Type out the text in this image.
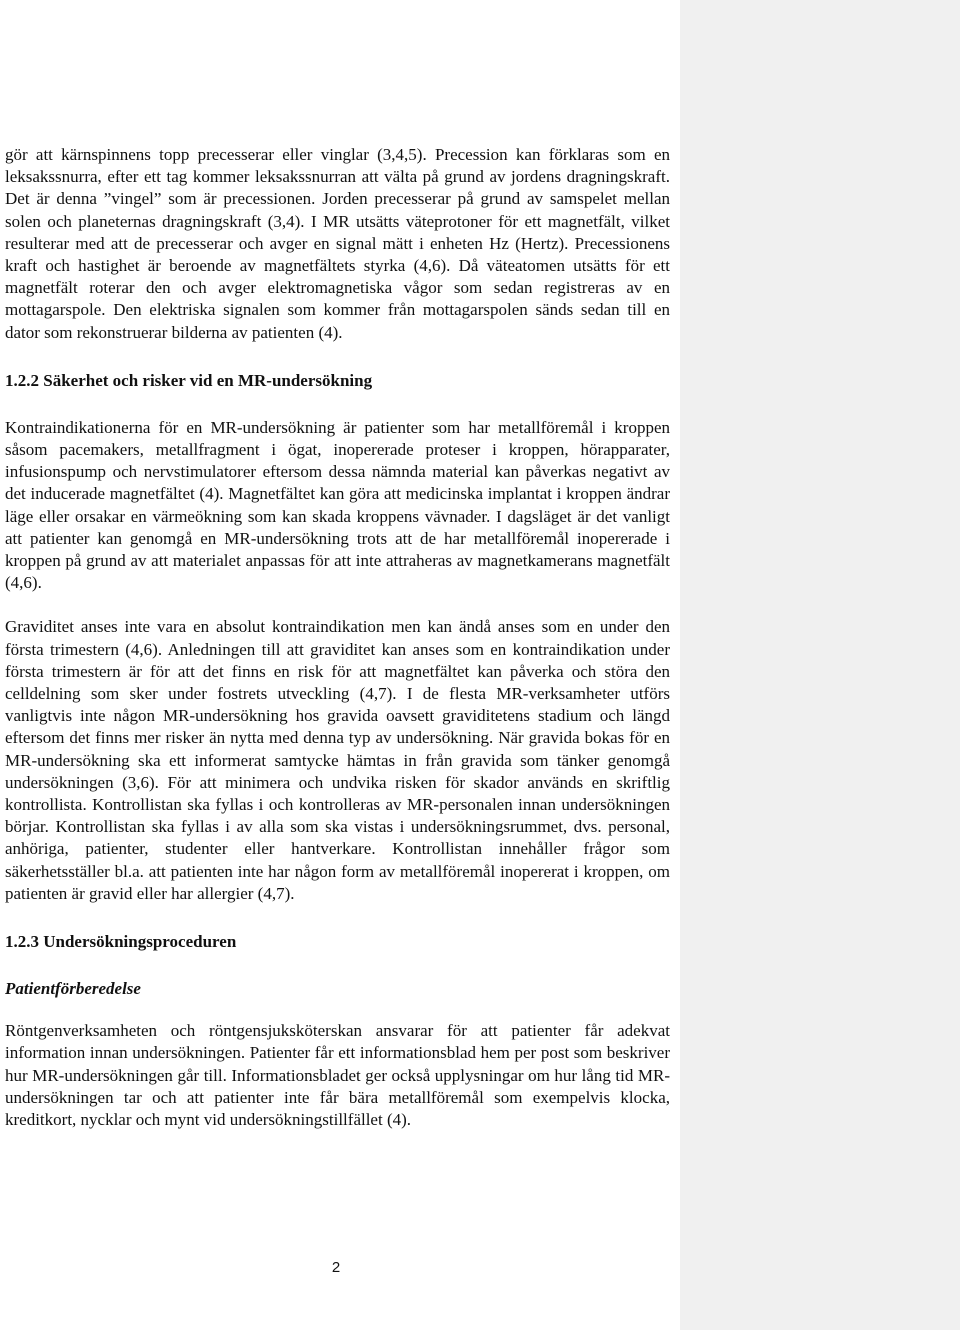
gör att kärnspinnens topp precesserar eller vinglar (3,4,5). Precession kan förklaras som en leksakssnurra, efter ett tag kommer leksakssnurran att välta på grund av jordens dragningskraft. Det är denna ”vingel” som är precessionen. Jorden precesserar på grund av samspelet mellan solen och planeternas dragningskraft (3,4). I MR utsätts väteprotoner för ett magnetfält, vilket resulterar med att de precesserar och avger en signal mätt i enheten Hz (Hertz). Precessionens kraft och hastighet är beroende av magnetfältets styrka (4,6). Då väteatomen utsätts för ett magnetfält roterar den och avger elektromagnetiska vågor som sedan registreras av en mottagarspole. Den elektriska signalen som kommer från mottagarspolen sänds sedan till en dator som rekonstruerar bilderna av patienten (4).

1.2.2 Säkerhet och risker vid en MR-undersökning

Kontraindikationerna för en MR-undersökning är patienter som har metallföremål i kroppen såsom pacemakers, metallfragment i ögat, inopererade proteser i kroppen, hörapparater, infusionspump och nervstimulatorer eftersom dessa nämnda material kan påverkas negativt av det inducerade magnetfältet (4). Magnetfältet kan göra att medicinska implantat i kroppen ändrar läge eller orsakar en värmeökning som kan skada kroppens vävnader. I dagsläget är det vanligt att patienter kan genomgå en MR-undersökning trots att de har metallföremål inopererade i kroppen på grund av att materialet anpassas för att inte attraheras av magnetkamerans magnetfält (4,6).

Graviditet anses inte vara en absolut kontraindikation men kan ändå anses som en under den första trimestern (4,6). Anledningen till att graviditet kan anses som en kontraindikation under första trimestern är för att det finns en risk för att magnetfältet kan påverka och störa den celldelning som sker under fostrets utveckling (4,7). I de flesta MR-verksamheter utförs vanligtvis inte någon MR-undersökning hos gravida oavsett graviditetens stadium och längd eftersom det finns mer risker än nytta med denna typ av undersökning. När gravida bokas för en MR-undersökning ska ett informerat samtycke hämtas in från gravida som tänker genomgå undersökningen (3,6). För att minimera och undvika risken för skador används en skriftlig kontrollista. Kontrollistan ska fyllas i och kontrolleras av MR-personalen innan undersökningen börjar. Kontrollistan ska fyllas i av alla som ska vistas i undersökningsrummet, dvs. personal, anhöriga, patienter, studenter eller hantverkare. Kontrollistan innehåller frågor som säkerhetsställer bl.a. att patienten inte har någon form av metallföremål inopererat i kroppen, om patienten är gravid eller har allergier (4,7).

1.2.3 Undersökningsproceduren
Patientförberedelse

Röntgenverksamheten och röntgensjuksköterskan ansvarar för att patienter får adekvat information innan undersökningen. Patienter får ett informationsblad hem per post som beskriver hur MR-undersökningen går till. Informationsbladet ger också upplysningar om hur lång tid MR-undersökningen tar och att patienter inte får bära metallföremål som exempelvis klocka, kreditkort, nycklar och mynt vid undersökningstillfället (4).

2
